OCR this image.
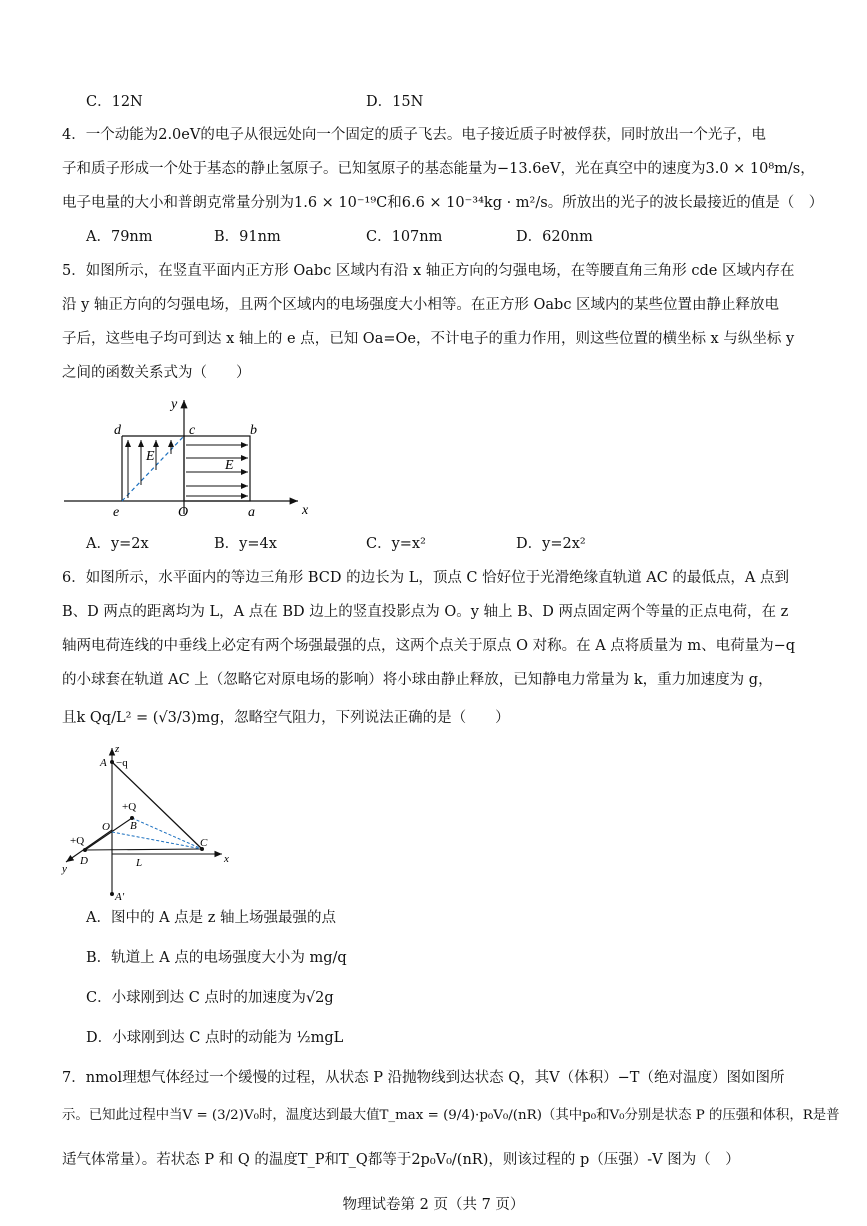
C．12N	D．15N
4．一个动能为2.0eV的电子从很远处向一个固定的质子飞去。电子接近质子时被俘获，同时放出一个光子，电
子和质子形成一个处于基态的静止氢原子。已知氢原子的基态能量为−13.6eV，光在真空中的速度为3.0 × 10⁸m/s，
电子电量的大小和普朗克常量分别为1.6 × 10⁻¹⁹C和6.6 × 10⁻³⁴kg · m²/s。所放出的光子的波长最接近的值是（　）
A．79nm	B．91nm	C．107nm	D．620nm
5．如图所示，在竖直平面内正方形 Oabc 区域内有沿 x 轴正方向的匀强电场，在等腰直角三角形 cde 区域内存在
沿 y 轴正方向的匀强电场，且两个区域内的电场强度大小相等。在正方形 Oabc 区域内的某些位置由静止释放电
子后，这些电子均可到达 x 轴上的 e 点，已知 Oa=Oe，不计电子的重力作用，则这些位置的横坐标 x 与纵坐标 y
之间的函数关系式为（　　）
y
x
d	c	b
e	O	a
E
E
A．y=2x	B．y=4x	C．y=x²	D．y=2x²
6．如图所示，水平面内的等边三角形 BCD 的边长为 L，顶点 C 恰好位于光滑绝缘直轨道 AC 的最低点，A 点到
B、D 两点的距离均为 L，A 点在 BD 边上的竖直投影点为 O。y 轴上 B、D 两点固定两个等量的正点电荷，在 z
轴两电荷连线的中垂线上必定有两个场强最强的点，这两个点关于原点 O 对称。在 A 点将质量为 m、电荷量为−q
的小球套在轨道 AC 上（忽略它对原电场的影响）将小球由静止释放，已知静电力常量为 k，重力加速度为 g，
且k Qq/L² = (√3/3)mg，忽略空气阻力，下列说法正确的是（　　）
z
A −q
+Q
B
O
+Q
D	L
C
x
y
A′
A．图中的 A 点是 z 轴上场强最强的点
B．轨道上 A 点的电场强度大小为 mg/q
C．小球刚到达 C 点时的加速度为√2g
D．小球刚到达 C 点时的动能为 ½mgL
7．nmol理想气体经过一个缓慢的过程，从状态 P 沿抛物线到达状态 Q，其V（体积）−T（绝对温度）图如图所
示。已知此过程中当V = (3/2)V₀时，温度达到最大值T_max = (9/4)·p₀V₀/(nR)（其中p₀和V₀分别是状态 P 的压强和体积，R是普
适气体常量）。若状态 P 和 Q 的温度T_P和T_Q都等于2p₀V₀/(nR)，则该过程的 p（压强）-V 图为（　）
物理试卷第 2 页（共 7 页）
